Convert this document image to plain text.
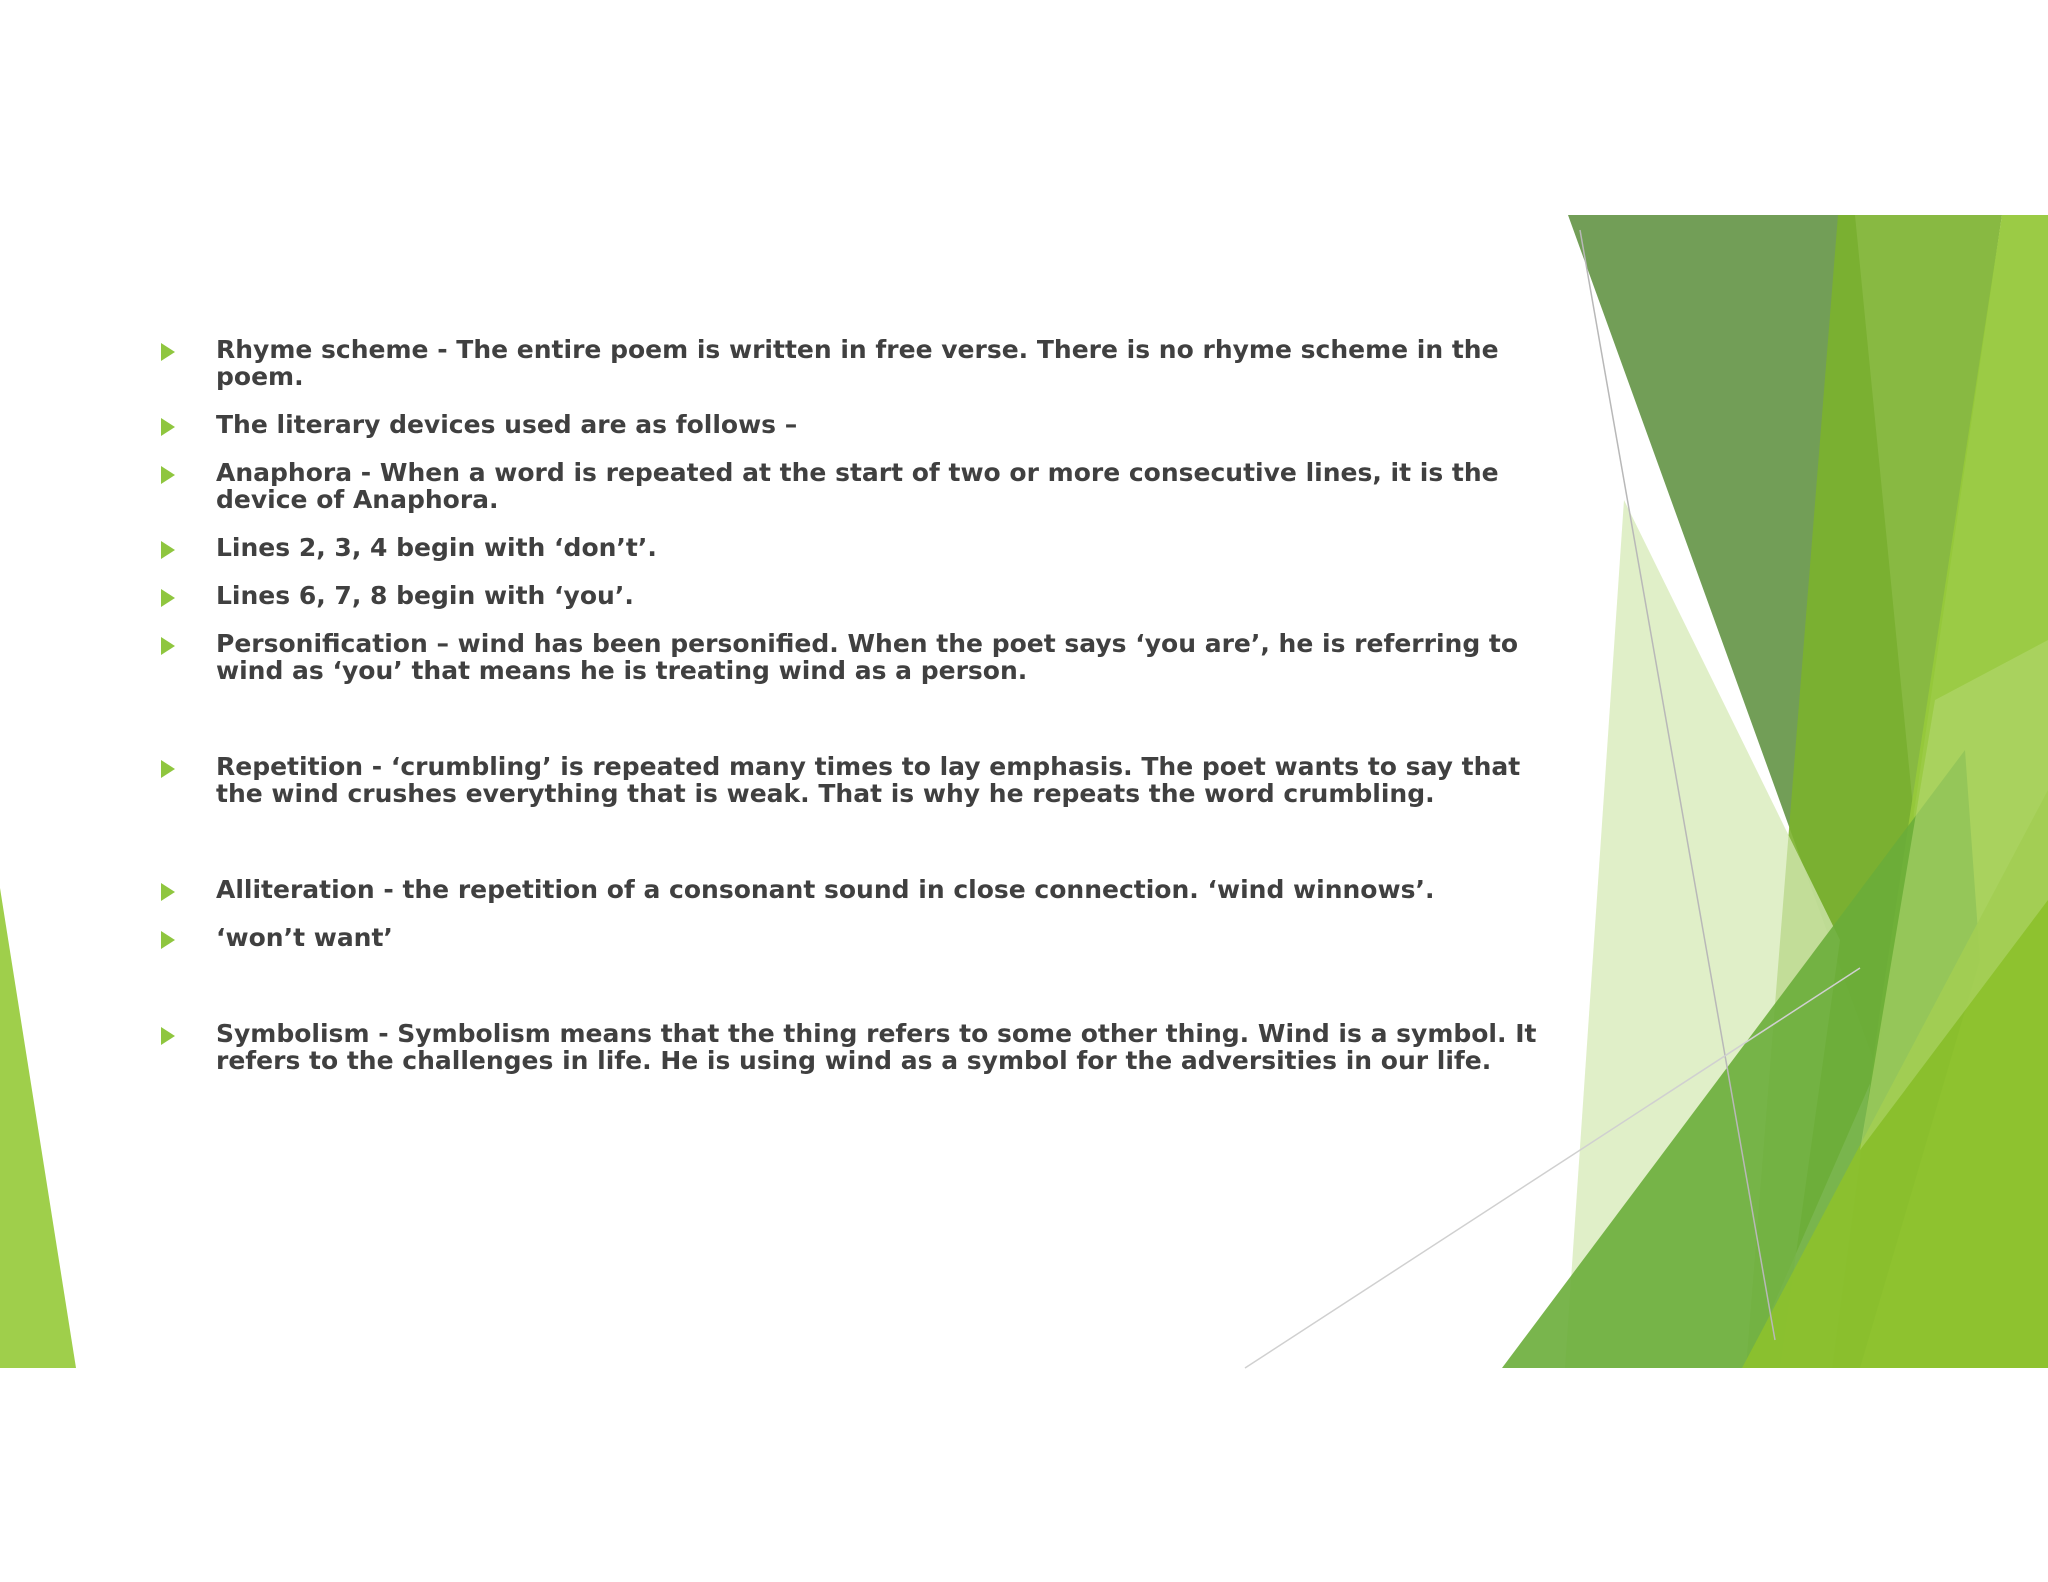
Rhyme scheme - The entire poem is written in free verse. There is no rhyme scheme in the poem.
The literary devices used are as follows –
Anaphora - When a word is repeated at the start of two or more consecutive lines, it is the device of Anaphora.
Lines 2, 3, 4 begin with ‘don’t’.
Lines 6, 7, 8 begin with ‘you’.
Personification – wind has been personified. When the poet says ‘you are’, he is referring to wind as ‘you’ that means he is treating wind as a person.
Repetition - ‘crumbling’ is repeated many times to lay emphasis. The poet wants to say that the wind crushes everything that is weak. That is why he repeats the word crumbling.
Alliteration - the repetition of a consonant sound in close connection. ‘wind winnows’.
‘won’t want’
Symbolism - Symbolism means that the thing refers to some other thing. Wind is a symbol. It refers to the challenges in life. He is using wind as a symbol for the adversities in our life.
